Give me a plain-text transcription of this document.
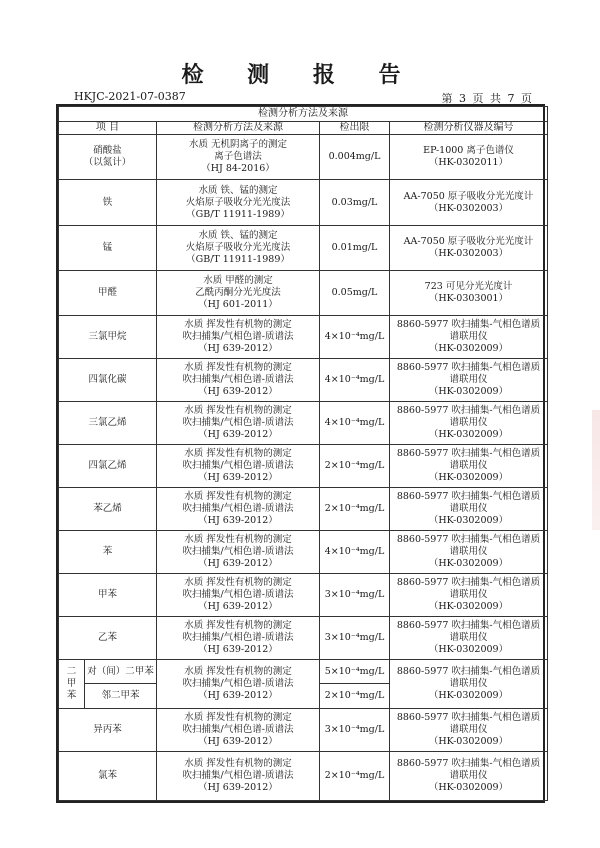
检 测 报 告
HKJC-2021-07-0387	第 3 页 共 7 页
检测分析方法及来源				
项 目		检测分析方法及来源	检出限	检测分析仪器及编号
硝酸盐
（以氮计）		水质 无机阴离子的测定
离子色谱法
（HJ 84-2016）	0.004mg/L	EP-1000 离子色谱仪
（HK-0302011）
铁		水质 铁、锰的测定
火焰原子吸收分光光度法
（GB/T 11911-1989）	0.03mg/L	AA-7050 原子吸收分光光度计
（HK-0302003）
锰		水质 铁、锰的测定
火焰原子吸收分光光度法
（GB/T 11911-1989）	0.01mg/L	AA-7050 原子吸收分光光度计
（HK-0302003）
甲醛		水质 甲醛的测定
乙酰丙酮分光光度法
（HJ 601-2011）	0.05mg/L	723 可见分光光度计
（HK-0303001）
三氯甲烷		水质 挥发性有机物的测定
吹扫捕集/气相色谱-质谱法
（HJ 639-2012）	4×10⁻⁴mg/L	8860-5977 吹扫捕集-气相色谱质
谱联用仪
（HK-0302009）
四氯化碳		水质 挥发性有机物的测定
吹扫捕集/气相色谱-质谱法
（HJ 639-2012）	4×10⁻⁴mg/L	8860-5977 吹扫捕集-气相色谱质
谱联用仪
（HK-0302009）
三氯乙烯		水质 挥发性有机物的测定
吹扫捕集/气相色谱-质谱法
（HJ 639-2012）	4×10⁻⁴mg/L	8860-5977 吹扫捕集-气相色谱质
谱联用仪
（HK-0302009）
四氯乙烯		水质 挥发性有机物的测定
吹扫捕集/气相色谱-质谱法
（HJ 639-2012）	2×10⁻⁴mg/L	8860-5977 吹扫捕集-气相色谱质
谱联用仪
（HK-0302009）
苯乙烯		水质 挥发性有机物的测定
吹扫捕集/气相色谱-质谱法
（HJ 639-2012）	2×10⁻⁴mg/L	8860-5977 吹扫捕集-气相色谱质
谱联用仪
（HK-0302009）
苯		水质 挥发性有机物的测定
吹扫捕集/气相色谱-质谱法
（HJ 639-2012）	4×10⁻⁴mg/L	8860-5977 吹扫捕集-气相色谱质
谱联用仪
（HK-0302009）
甲苯		水质 挥发性有机物的测定
吹扫捕集/气相色谱-质谱法
（HJ 639-2012）	3×10⁻⁴mg/L	8860-5977 吹扫捕集-气相色谱质
谱联用仪
（HK-0302009）
乙苯		水质 挥发性有机物的测定
吹扫捕集/气相色谱-质谱法
（HJ 639-2012）	3×10⁻⁴mg/L	8860-5977 吹扫捕集-气相色谱质
谱联用仪
（HK-0302009）
二
甲
苯	对（间）二甲苯	水质 挥发性有机物的测定
吹扫捕集/气相色谱-质谱法
（HJ 639-2012）	5×10⁻⁴mg/L	8860-5977 吹扫捕集-气相色谱质
谱联用仪
（HK-0302009）
	邻二甲苯		2×10⁻⁴mg/L	
异丙苯		水质 挥发性有机物的测定
吹扫捕集/气相色谱-质谱法
（HJ 639-2012）	3×10⁻⁴mg/L	8860-5977 吹扫捕集-气相色谱质
谱联用仪
（HK-0302009）
氯苯		水质 挥发性有机物的测定
吹扫捕集/气相色谱-质谱法
（HJ 639-2012）	2×10⁻⁴mg/L	8860-5977 吹扫捕集-气相色谱质
谱联用仪
（HK-0302009）
